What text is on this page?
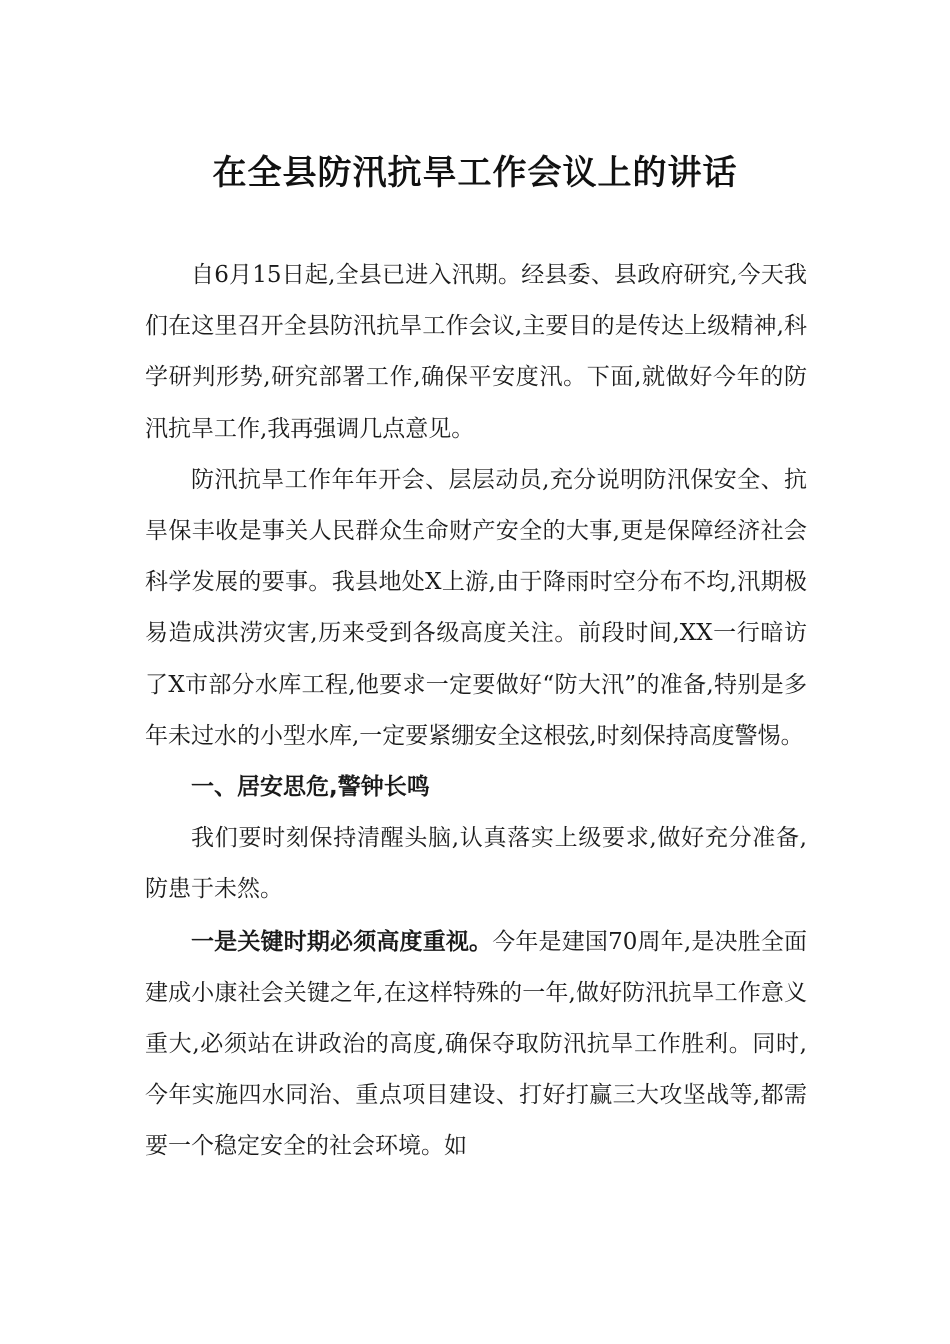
在全县防汛抗旱工作会议上的讲话

自6月15日起,全县已进入汛期。经县委、县政府研究,今天我们在这里召开全县防汛抗旱工作会议,主要目的是传达上级精神,科学研判形势,研究部署工作,确保平安度汛。下面,就做好今年的防汛抗旱工作,我再强调几点意见。

防汛抗旱工作年年开会、层层动员,充分说明防汛保安全、抗旱保丰收是事关人民群众生命财产安全的大事,更是保障经济社会科学发展的要事。我县地处X上游,由于降雨时空分布不均,汛期极易造成洪涝灾害,历来受到各级高度关注。前段时间,XX一行暗访了X市部分水库工程,他要求一定要做好“防大汛”的准备,特别是多年未过水的小型水库,一定要紧绷安全这根弦,时刻保持高度警惕。

一、居安思危,警钟长鸣

我们要时刻保持清醒头脑,认真落实上级要求,做好充分准备,防患于未然。

一是关键时期必须高度重视。今年是建国70周年,是决胜全面建成小康社会关键之年,在这样特殊的一年,做好防汛抗旱工作意义重大,必须站在讲政治的高度,确保夺取防汛抗旱工作胜利。同时,今年实施四水同治、重点项目建设、打好打赢三大攻坚战等,都需要一个稳定安全的社会环境。如
